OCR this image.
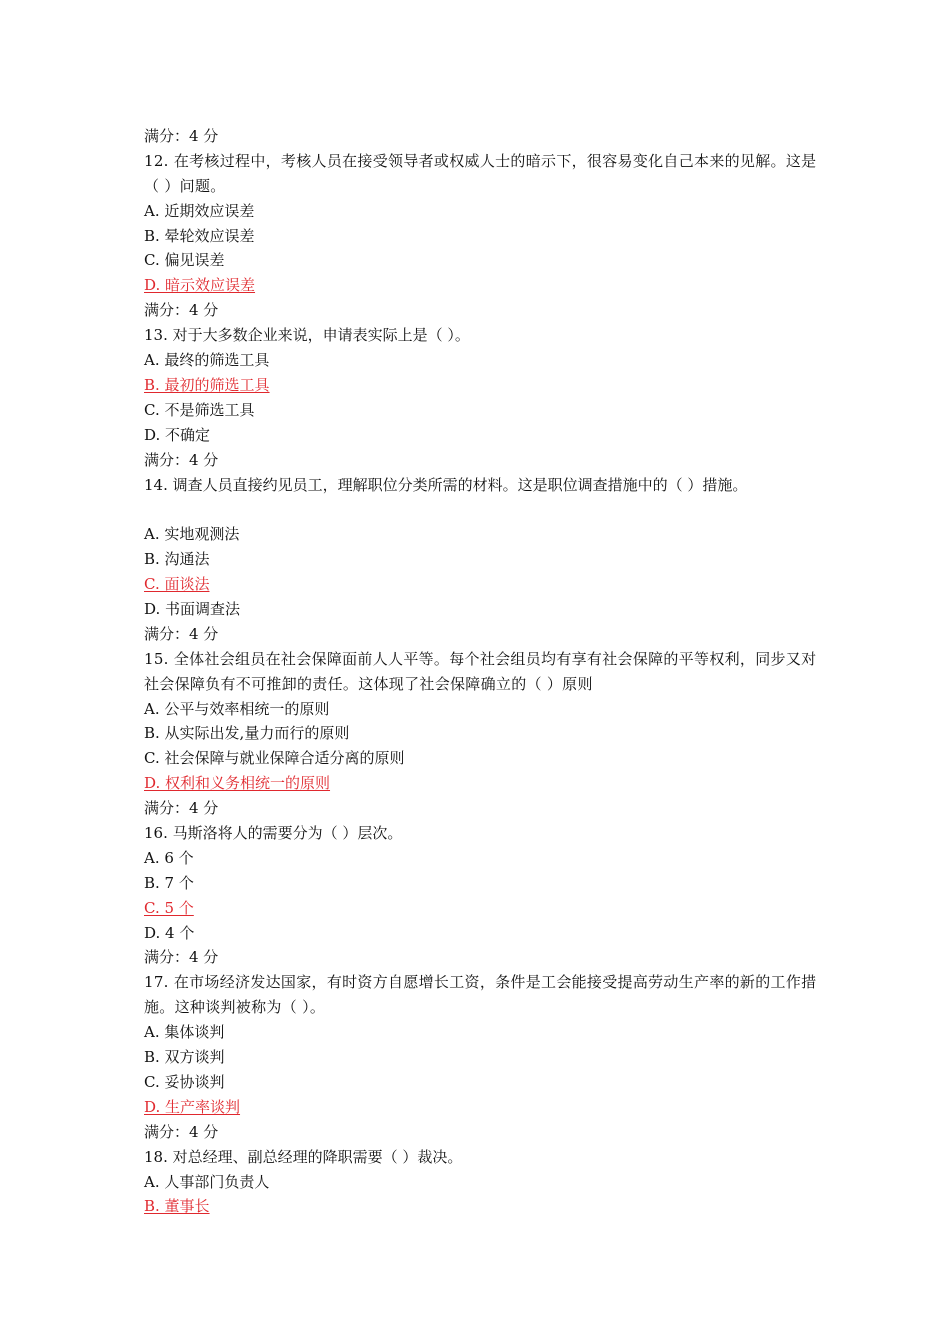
满分：4 分
12. 在考核过程中，考核人员在接受领导者或权威人士的暗示下，很容易变化自己本来的见解。这是（ ）问题。
A. 近期效应误差
B. 晕轮效应误差
C. 偏见误差
D. 暗示效应误差
满分：4 分
13. 对于大多数企业来说，申请表实际上是（ ）。
A. 最终的筛选工具
B. 最初的筛选工具
C. 不是筛选工具
D. 不确定
满分：4 分
14. 调查人员直接约见员工，理解职位分类所需的材料。这是职位调查措施中的（ ）措施。
A. 实地观测法
B. 沟通法
C. 面谈法
D. 书面调查法
满分：4 分
15. 全体社会组员在社会保障面前人人平等。每个社会组员均有享有社会保障的平等权利，同步又对社会保障负有不可推卸的责任。这体现了社会保障确立的（ ）原则
A. 公平与效率相统一的原则
B. 从实际出发,量力而行的原则
C. 社会保障与就业保障合适分离的原则
D. 权利和义务相统一的原则
满分：4 分
16. 马斯洛将人的需要分为（ ）层次。
A. 6 个
B. 7 个
C. 5 个
D. 4 个
满分：4 分
17. 在市场经济发达国家，有时资方自愿增长工资，条件是工会能接受提高劳动生产率的新的工作措施。这种谈判被称为（ ）。
A. 集体谈判
B. 双方谈判
C. 妥协谈判
D. 生产率谈判
满分：4 分
18. 对总经理、副总经理的降职需要（ ）裁决。
A. 人事部门负责人
B. 董事长
